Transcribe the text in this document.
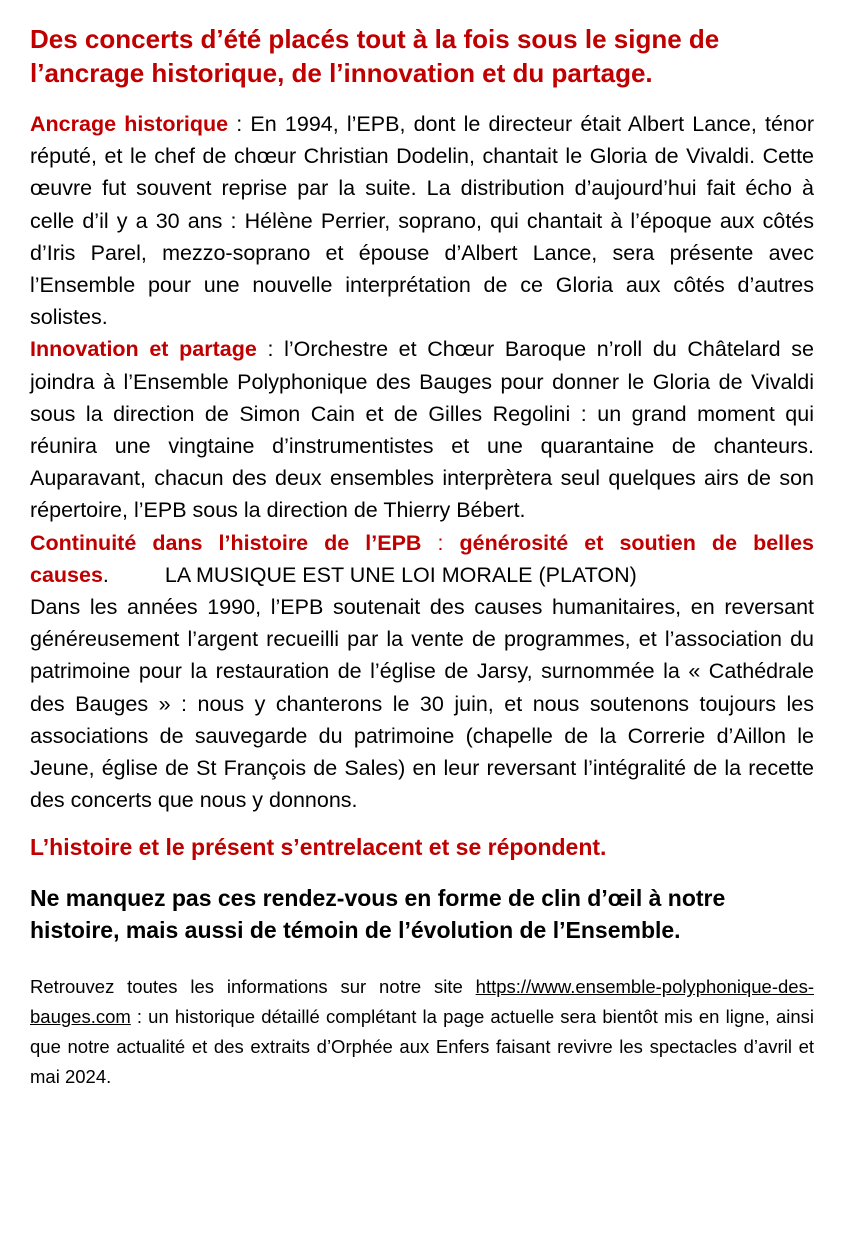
Des concerts d’été placés tout à la fois sous le signe de l’ancrage historique, de l’innovation et du partage.

Ancrage historique : En 1994, l’EPB, dont le directeur était Albert Lance, ténor réputé, et le chef de chœur Christian Dodelin, chantait le Gloria de Vivaldi. Cette œuvre fut souvent reprise par la suite. La distribution d’aujourd’hui fait écho à celle d’il y a 30 ans : Hélène Perrier, soprano, qui chantait à l’époque aux côtés d’Iris Parel, mezzo-soprano et épouse d’Albert Lance, sera présente avec l’Ensemble pour une nouvelle interprétation de ce Gloria aux côtés d’autres solistes.

Innovation et partage : l’Orchestre et Chœur Baroque n’roll du Châtelard se joindra à l’Ensemble Polyphonique des Bauges pour donner le Gloria de Vivaldi sous la direction de Simon Cain et de Gilles Regolini : un grand moment qui réunira une vingtaine d’instrumentistes et une quarantaine de chanteurs. Auparavant, chacun des deux ensembles interprètera seul quelques airs de son répertoire, l’EPB sous la direction de Thierry Bébert.

Continuité dans l’histoire de l’EPB : générosité et soutien de belles causes.	LA MUSIQUE EST UNE LOI MORALE (PLATON)
Dans les années 1990, l’EPB soutenait des causes humanitaires, en reversant généreusement l’argent recueilli par la vente de programmes, et l’association du patrimoine pour la restauration de l’église de Jarsy, surnommée la « Cathédrale des Bauges » : nous y chanterons le 30 juin, et nous soutenons toujours les associations de sauvegarde du patrimoine (chapelle de la Correrie d’Aillon le Jeune, église de St François de Sales) en leur reversant l’intégralité de la recette des concerts que nous y donnons.

L’histoire et le présent s’entrelacent et se répondent.

Ne manquez pas ces rendez-vous en forme de clin d’œil à notre histoire, mais aussi de témoin de l’évolution de l’Ensemble.

Retrouvez toutes les informations sur notre site https://www.ensemble-polyphonique-des-bauges.com : un historique détaillé complétant la page actuelle sera bientôt mis en ligne, ainsi que notre actualité et des extraits d’Orphée aux Enfers faisant revivre les spectacles d’avril et mai 2024.
